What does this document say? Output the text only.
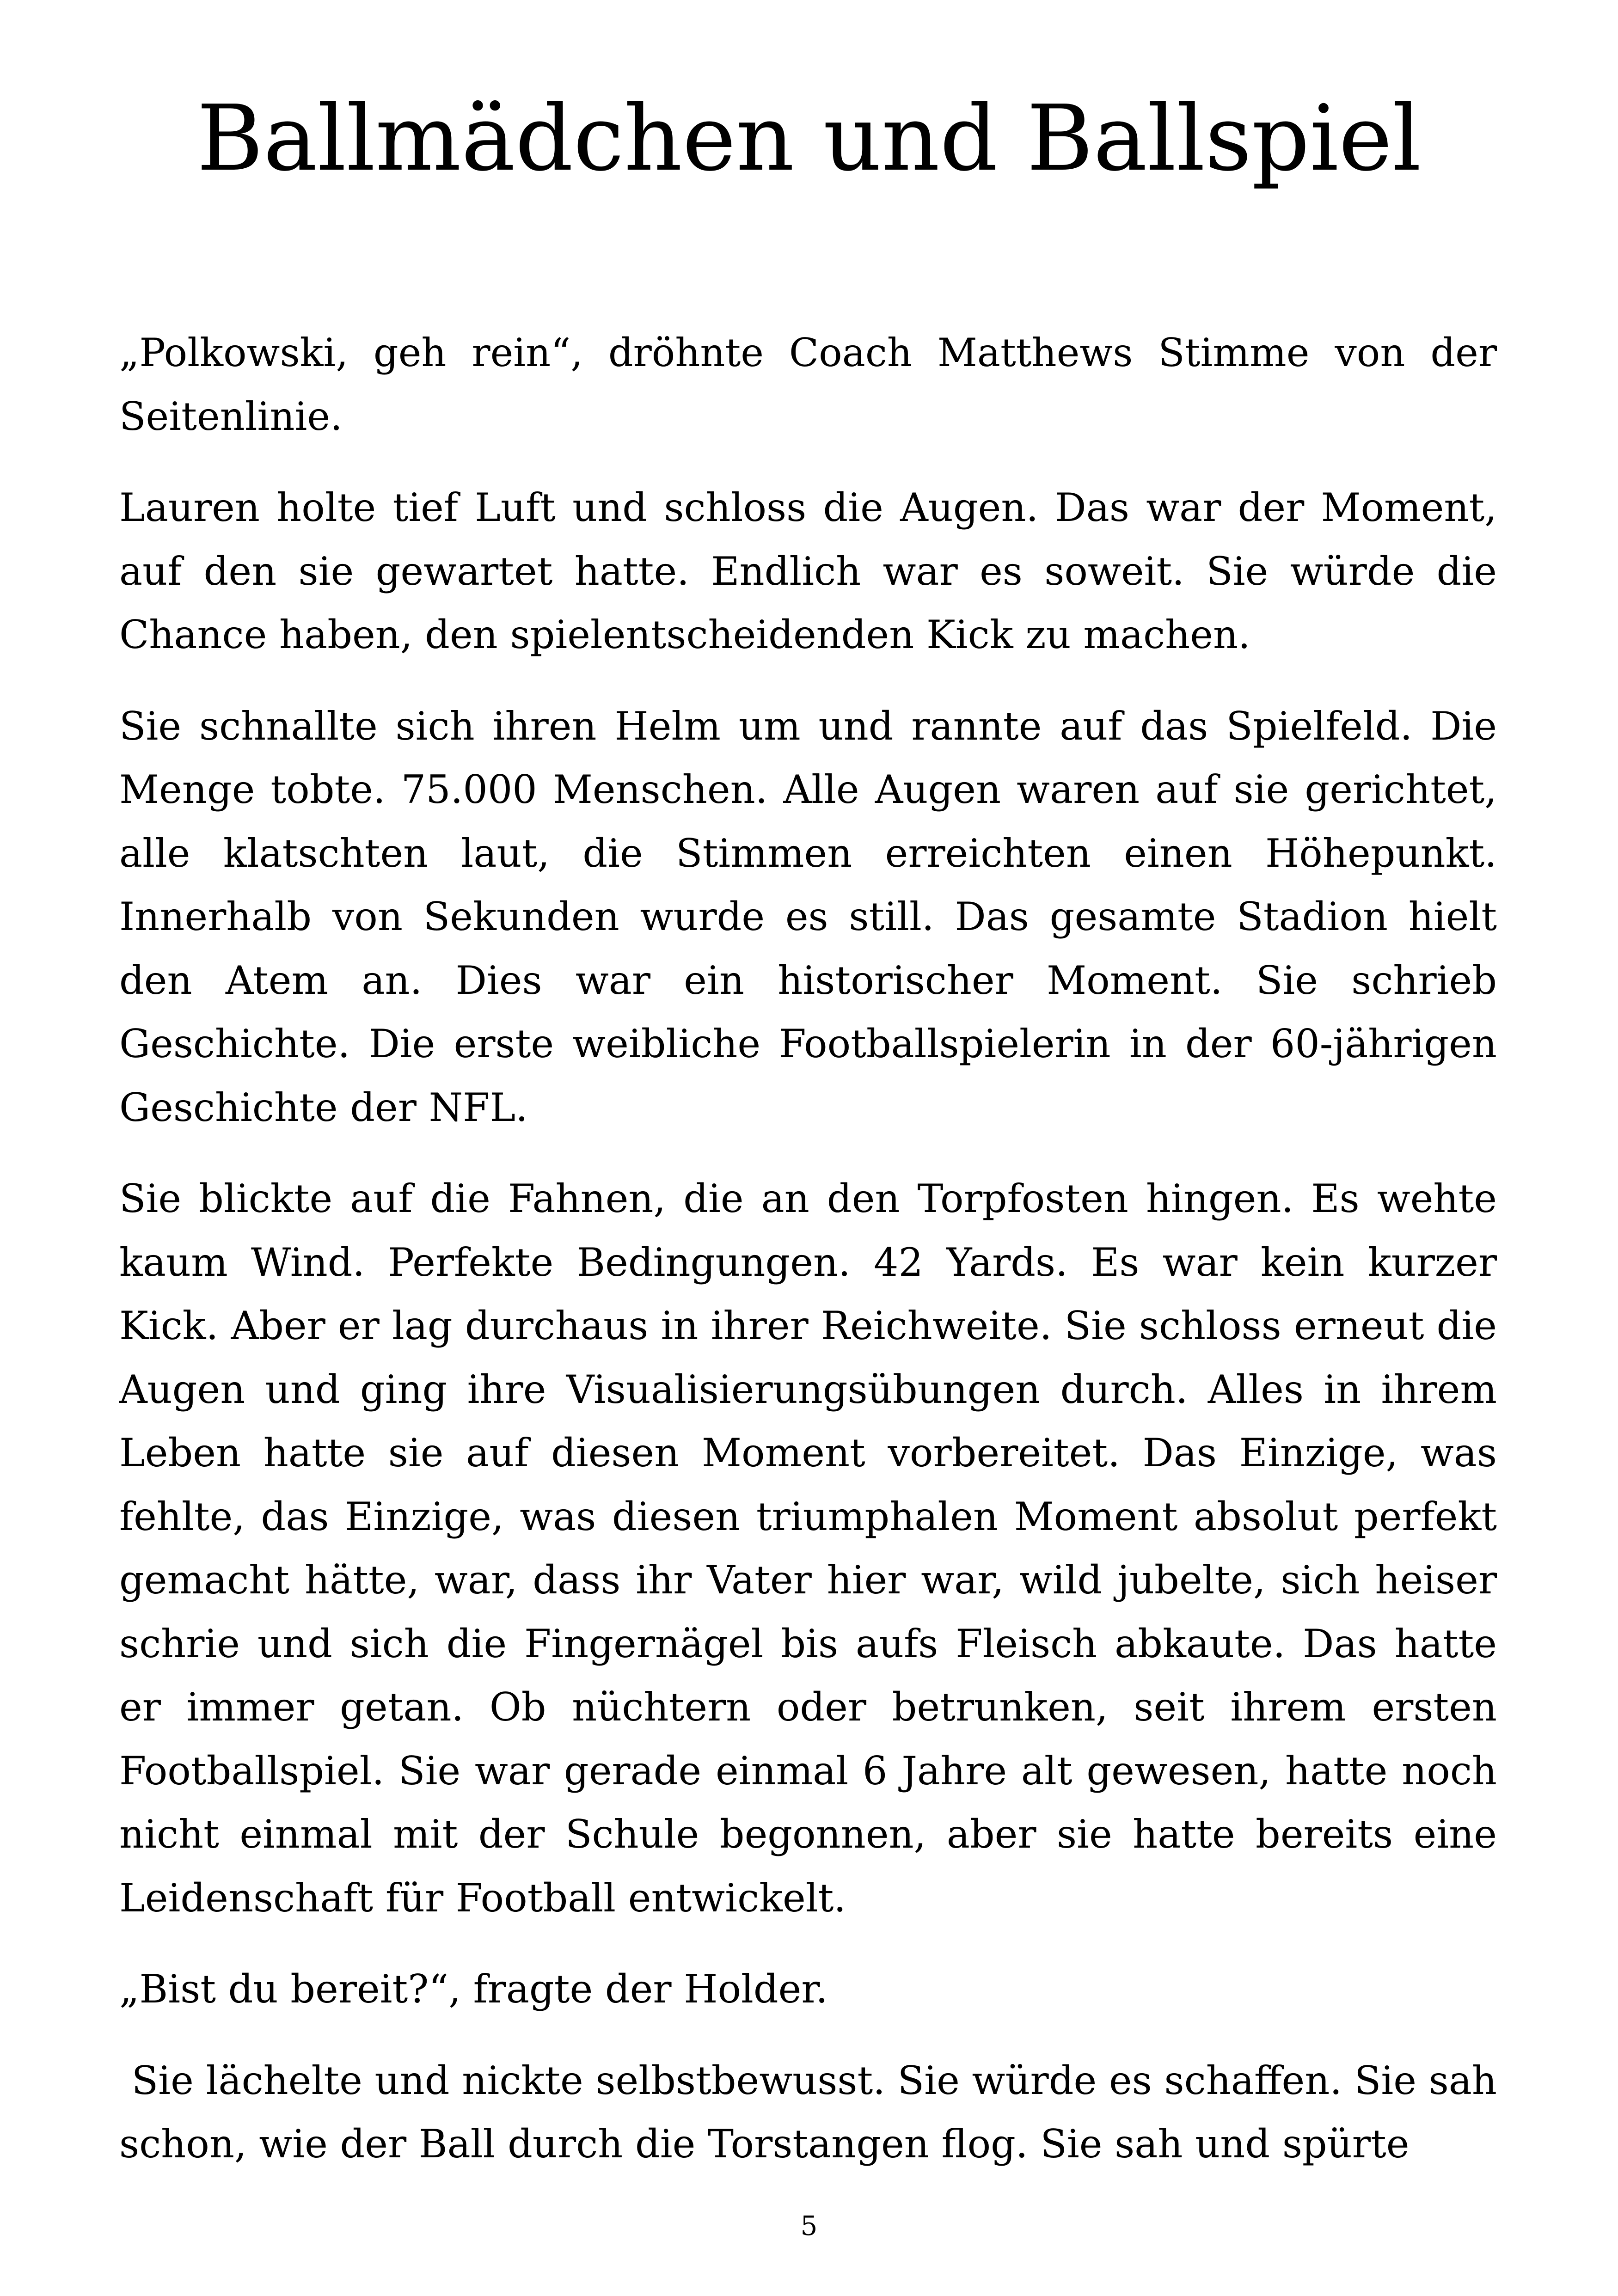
Ballmädchen und Ballspiel

„Polkowski, geh rein“, dröhnte Coach Matthews Stimme von der Seitenlinie.

Lauren holte tief Luft und schloss die Augen. Das war der Moment, auf den sie gewartet hatte. Endlich war es soweit. Sie würde die Chance haben, den spielentscheidenden Kick zu machen.

Sie schnallte sich ihren Helm um und rannte auf das Spielfeld. Die Menge tobte. 75.000 Menschen. Alle Augen waren auf sie gerichtet, alle klatschten laut, die Stimmen erreichten einen Höhepunkt. Innerhalb von Sekunden wurde es still. Das gesamte Stadion hielt den Atem an. Dies war ein historischer Moment. Sie schrieb Geschichte. Die erste weibliche Footballspielerin in der 60-jährigen Geschichte der NFL.

Sie blickte auf die Fahnen, die an den Torpfosten hingen. Es wehte kaum Wind. Perfekte Bedingungen. 42 Yards. Es war kein kurzer Kick. Aber er lag durchaus in ihrer Reichweite. Sie schloss erneut die Augen und ging ihre Visualisierungsübungen durch. Alles in ihrem Leben hatte sie auf diesen Moment vorbereitet. Das Einzige, was fehlte, das Einzige, was diesen triumphalen Moment absolut perfekt gemacht hätte, war, dass ihr Vater hier war, wild jubelte, sich heiser schrie und sich die Fingernägel bis aufs Fleisch abkaute. Das hatte er immer getan. Ob nüchtern oder betrunken, seit ihrem ersten Footballspiel. Sie war gerade einmal 6 Jahre alt gewesen, hatte noch nicht einmal mit der Schule begonnen, aber sie hatte bereits eine Leidenschaft für Football entwickelt.

„Bist du bereit?“, fragte der Holder.

Sie lächelte und nickte selbstbewusst. Sie würde es schaffen. Sie sah schon, wie der Ball durch die Torstangen flog. Sie sah und spürte

5
